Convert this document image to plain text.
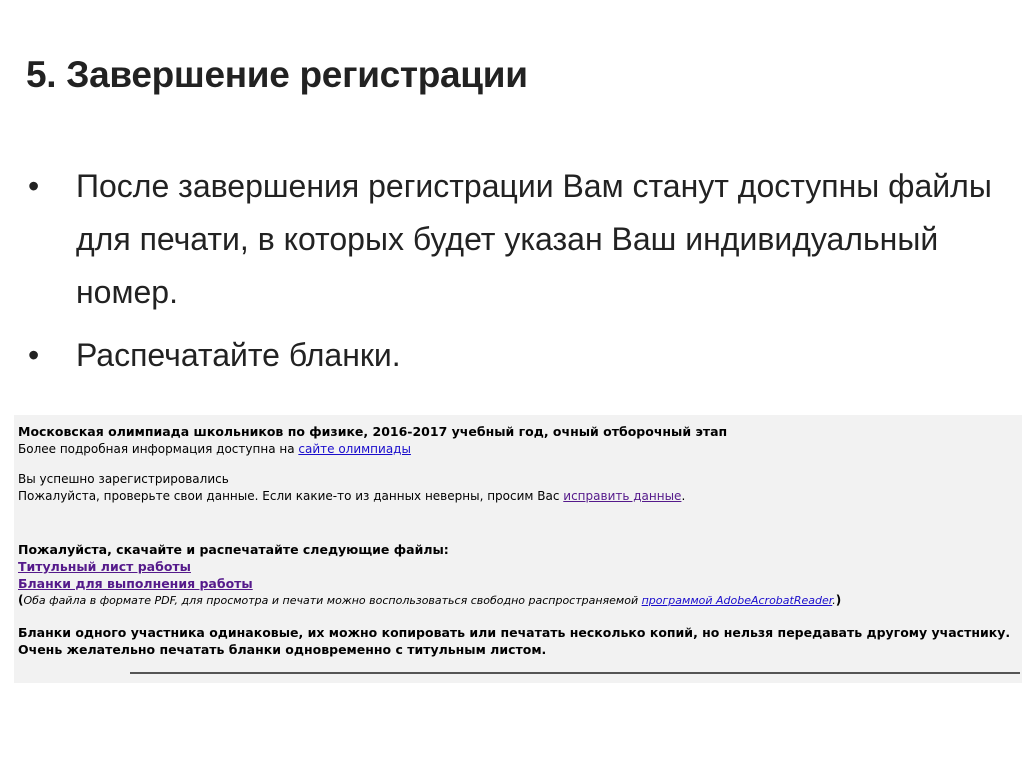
5. Завершение регистрации
• После завершения регистрации Вам станут доступны файлы для печати, в которых будет указан Ваш индивидуальный номер.
• Распечатайте бланки.
Московская олимпиада школьников по физике, 2016-2017 учебный год, очный отборочный этап
Более подробная информация доступна на сайте олимпиады
Вы успешно зарегистрировались
Пожалуйста, проверьте свои данные. Если какие-то из данных неверны, просим Вас исправить данные.
Пожалуйста, скачайте и распечатайте следующие файлы:
Титульный лист работы
Бланки для выполнения работы
(Оба файла в формате PDF, для просмотра и печати можно воспользоваться свободно распространяемой программой AdobeAcrobatReader.)
Бланки одного участника одинаковые, их можно копировать или печатать несколько копий, но нельзя передавать другому участнику.
Очень желательно печатать бланки одновременно с титульным листом.
